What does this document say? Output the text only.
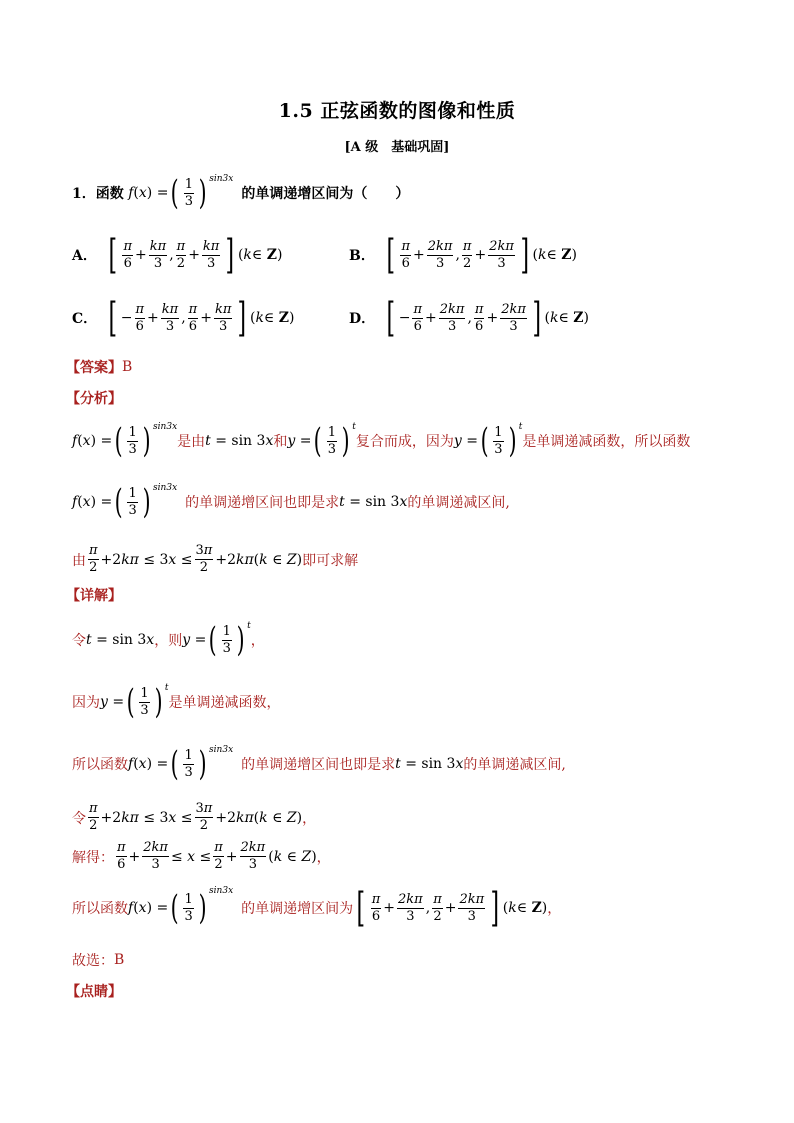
1.5 正弦函数的图像和性质
[A 级　基础巩固]
1． 函数 f(x) = ( $\frac{1}{3}$ ) sin3x
的单调递增区间为（　　）
A． [ $\frac{\pi}{6} + \frac{k\pi}{3}$ , $\frac{\pi}{2} + \frac{k\pi}{3}$ ] ( k ∈ Z)	B． [ $\frac{\pi}{6} + \frac{2k\pi}{3}$ , $\frac{\pi}{2} + \frac{2k\pi}{3}$ ] ( k ∈ Z)
C． [ − $\frac{\pi}{6} + \frac{k\pi}{3}$ , $\frac{\pi}{6} + \frac{k\pi}{3}$ ] ( k ∈ Z)	D． [ − $\frac{\pi}{6} + \frac{2k\pi}{3}$ , $\frac{\pi}{6} + \frac{2k\pi}{3}$ ] ( k ∈ Z)
【答案】 B
【分析】
f(x) = ( $\frac{1}{3}$ ) sin3x
是由 t = sin 3x 和 y = ( $\frac{1}{3}$ ) t
复合而成，因为 y = ( $\frac{1}{3}$ ) t
是单调递减函数，所以函数
f(x) = ( $\frac{1}{3}$ ) sin3x
的单调递增区间也即是求 t = sin 3x 的单调递减区间,
由 $\frac{\pi}{2} +2k\pi \le 3x \le \frac{3\pi}{2} +2k\pi(k$ ∈ Z) 即可求解
【详解】
令 t = sin 3x ，则 y = ( $\frac{1}{3}$ ) t
，
因为 y = ( $\frac{1}{3}$ ) t
是单调递减函数，
所以函数 f(x) = ( $\frac{1}{3}$ ) sin3x
的单调递增区间也即是求 t = sin 3x 的单调递减区间,
令 $\frac{\pi}{2} +2k\pi \le 3x \le \frac{3\pi}{2} +2k\pi(k$ ∈ Z) ，
解得： $\frac{\pi}{6} + \frac{2k\pi}{3} \le x \le \frac{\pi}{2} + \frac{2k\pi}{3} (k$ ∈ Z) ，
所以函数 f(x) = ( $\frac{1}{3}$ ) sin3x
的单调递增区间为 [ $\frac{\pi}{6} + \frac{2k\pi}{3}$ , $\frac{\pi}{2} + \frac{2k\pi}{3}$ ] ( k ∈ Z) ，
故选： B
【点睛】
